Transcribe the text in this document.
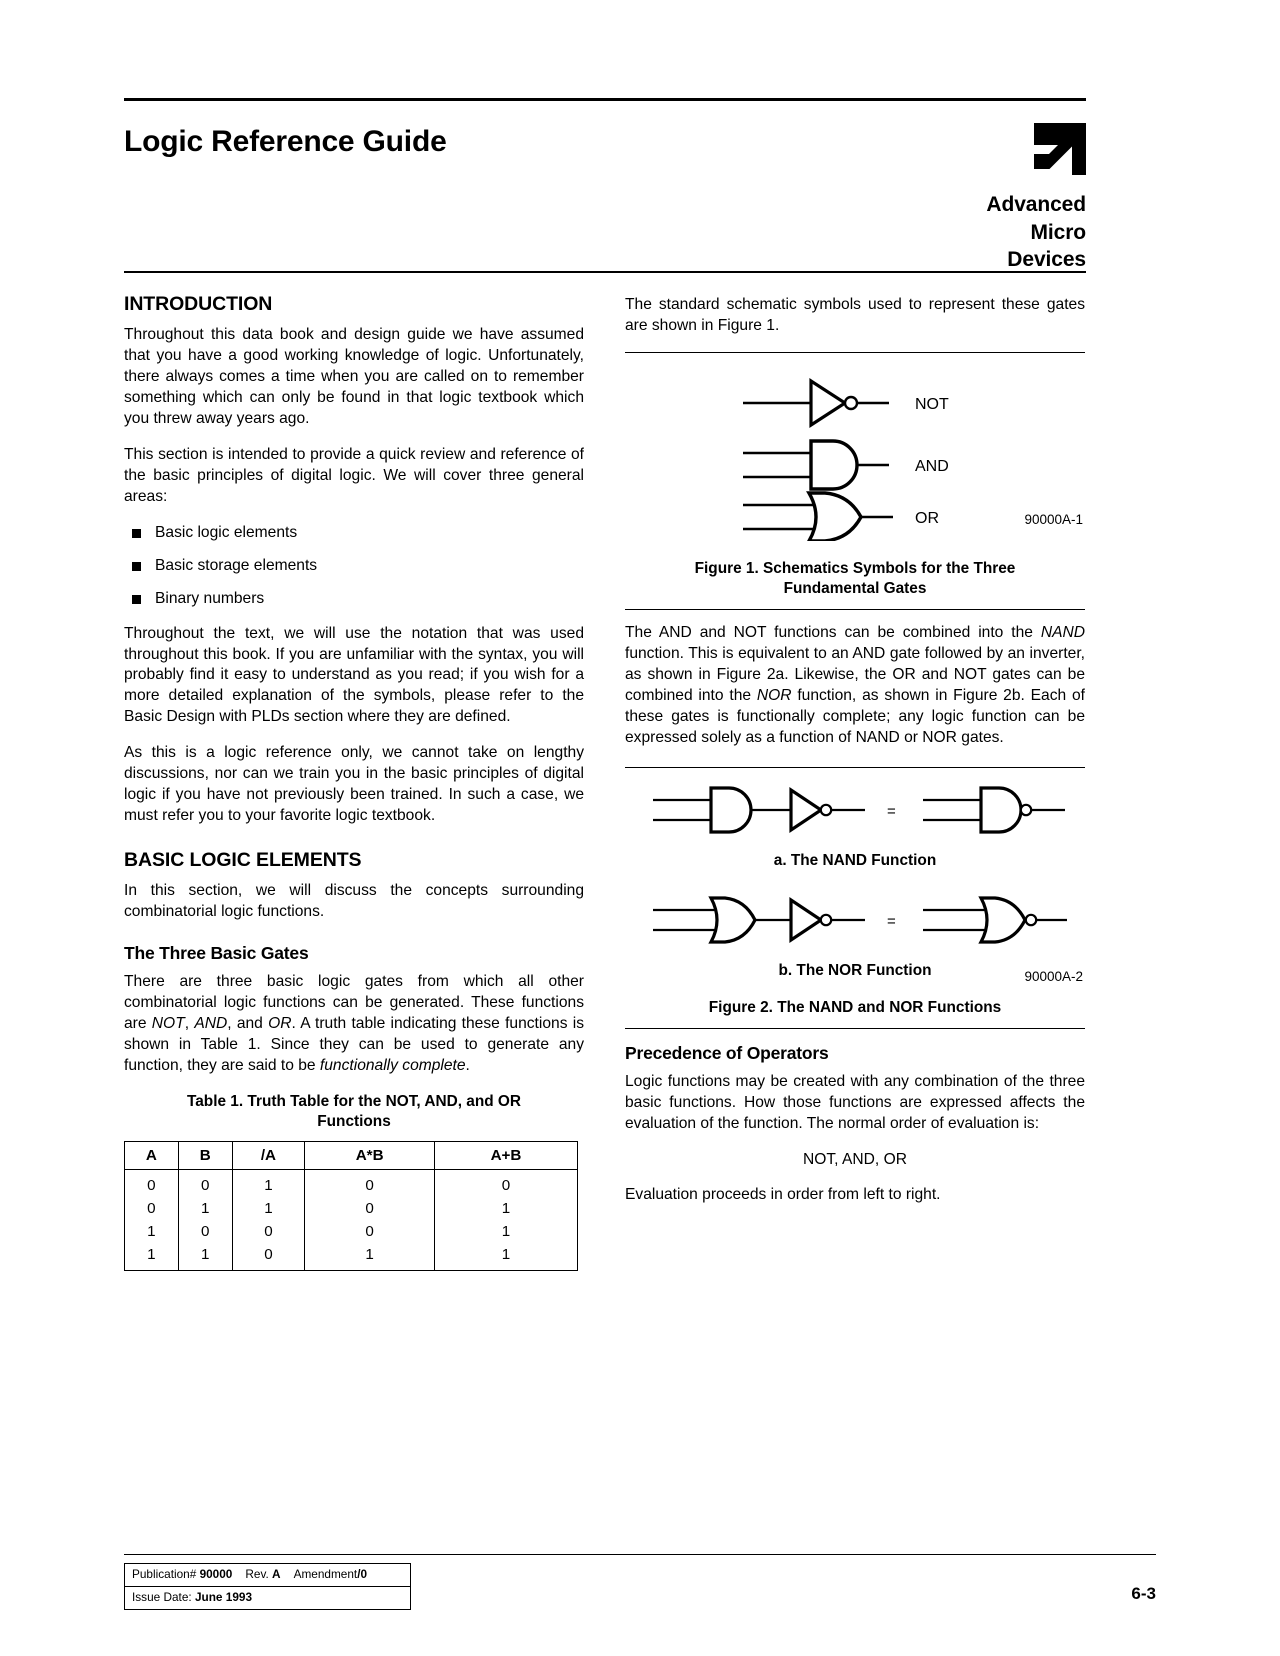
Logic Reference Guide
Advanced
Micro
Devices
INTRODUCTION

Throughout this data book and design guide we have assumed that you have a good working knowledge of logic. Unfortunately, there always comes a time when you are called on to remember something which can only be found in that logic textbook which you threw away years ago.

This section is intended to provide a quick review and reference of the basic principles of digital logic. We will cover three general areas:

Basic logic elements
Basic storage elements
Binary numbers

Throughout the text, we will use the notation that was used throughout this book. If you are unfamiliar with the syntax, you will probably find it easy to understand as you read; if you wish for a more detailed explanation of the symbols, please refer to the Basic Design with PLDs section where they are defined.

As this is a logic reference only, we cannot take on lengthy discussions, nor can we train you in the basic principles of digital logic if you have not previously been trained. In such a case, we must refer you to your favorite logic textbook.

BASIC LOGIC ELEMENTS

In this section, we will discuss the concepts surrounding combinatorial logic functions.

The Three Basic Gates

There are three basic logic gates from which all other combinatorial logic functions can be generated. These functions are NOT, AND, and OR. A truth table indicating these functions is shown in Table 1. Since they can be used to generate any function, they are said to be functionally complete.

Table 1. Truth Table for the NOT, AND, and OR
Functions
A	B	/A	A*B	A+B
0	0	1	0	0
0	1	1	0	1
1	0	0	0	1
1	1	0	1	1

The standard schematic symbols used to represent these gates are shown in Figure 1.

NOT
AND
OR	90000A-1
Figure 1. Schematics Symbols for the Three
Fundamental Gates

The AND and NOT functions can be combined into the NAND function. This is equivalent to an AND gate followed by an inverter, as shown in Figure 2a. Likewise, the OR and NOT gates can be combined into the NOR function, as shown in Figure 2b. Each of these gates is functionally complete; any logic function can be expressed solely as a function of NAND or NOR gates.

=
a. The NAND Function
=
b. The NOR Function	90000A-2
Figure 2. The NAND and NOR Functions
Precedence of Operators

Logic functions may be created with any combination of the three basic functions. How those functions are expressed affects the evaluation of the function. The normal order of evaluation is:

NOT, AND, OR

Evaluation proceeds in order from left to right.

Publication# 90000 Rev. A Amendment/0
Issue Date: June 1993	6-3
